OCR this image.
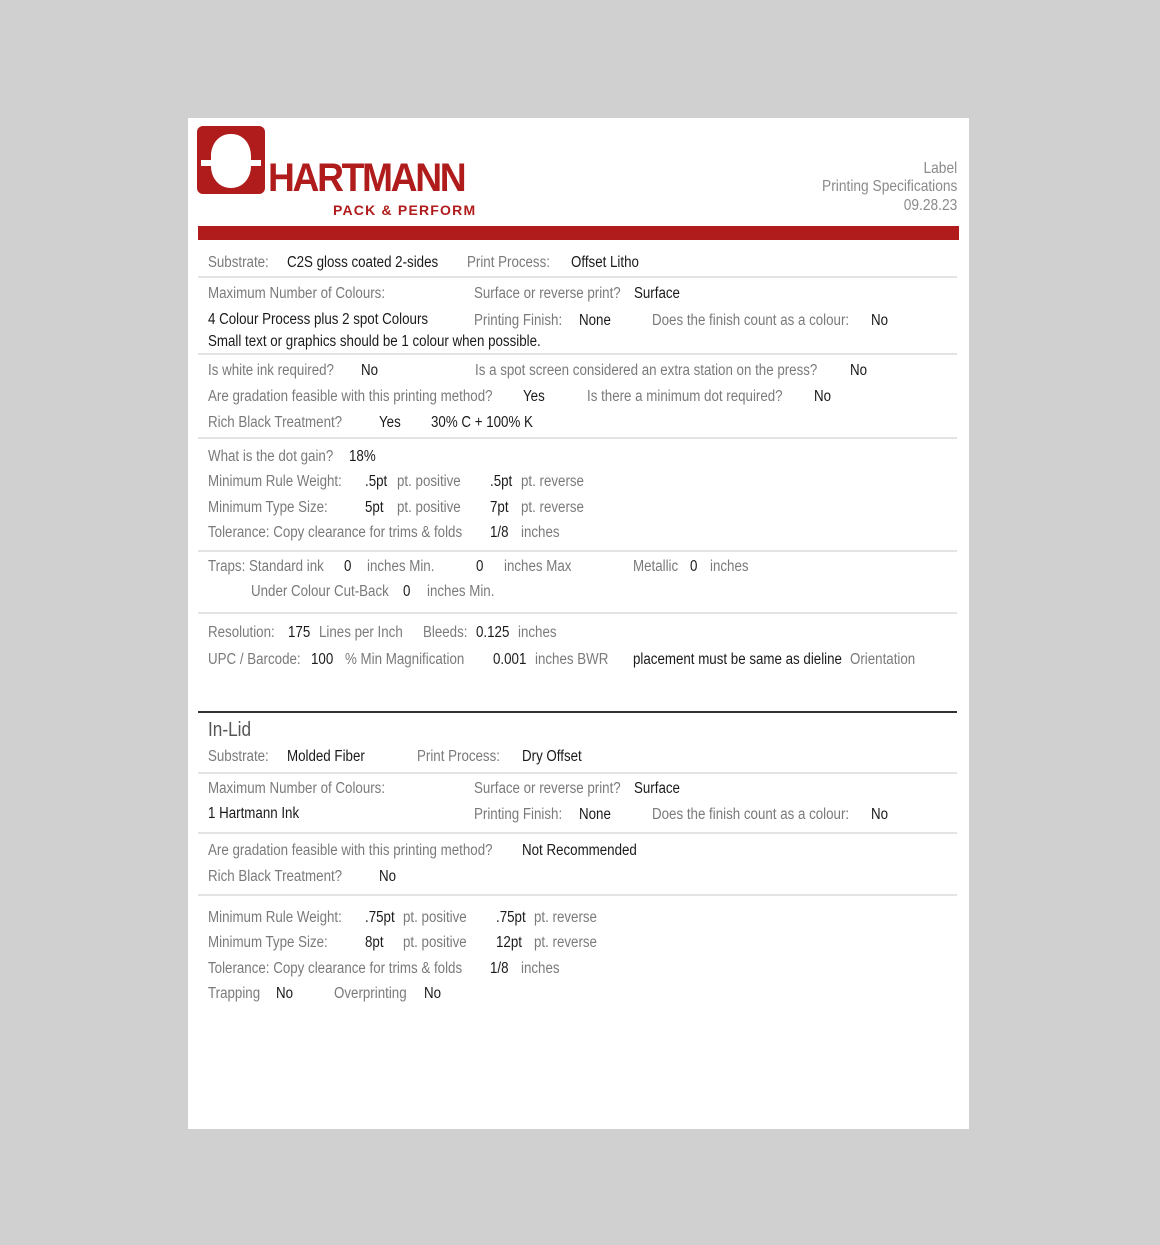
HARTMANN
PACK & PERFORM
Label
Printing Specifications
09.28.23
Substrate: C2S gloss coated 2-sides Print Process: Offset Litho
Maximum Number of Colours:	Surface or reverse print? Surface
4 Colour Process plus 2 spot Colours	Printing Finish: None	Does the finish count as a colour: No
Small text or graphics should be 1 colour when possible.
Is white ink required? No	Is a spot screen considered an extra station on the press? No
Are gradation feasible with this printing method? Yes	Is there a minimum dot required? No
Rich Black Treatment? Yes 30% C + 100% K
What is the dot gain? 18%
Minimum Rule Weight: .5pt pt. positive .5pt pt. reverse
Minimum Type Size: 5pt pt. positive 7pt pt. reverse
Tolerance: Copy clearance for trims & folds 1/8 inches
Traps: Standard ink 0 inches Min.	0 inches Max	Metallic 0 inches
Under Colour Cut-Back 0 inches Min.
Resolution: 175 Lines per Inch Bleeds: 0.125 inches
UPC / Barcode: 100 % Min Magnification 0.001 inches BWR placement must be same as dieline Orientation
In-Lid
Substrate: Molded Fiber	Print Process: Dry Offset
Maximum Number of Colours:	Surface or reverse print? Surface
1 Hartmann Ink	Printing Finish: None	Does the finish count as a colour: No
Are gradation feasible with this printing method? Not Recommended
Rich Black Treatment? No
Minimum Rule Weight: .75pt pt. positive .75pt pt. reverse
Minimum Type Size: 8pt pt. positive 12pt pt. reverse
Tolerance: Copy clearance for trims & folds 1/8 inches
Trapping No	Overprinting No
